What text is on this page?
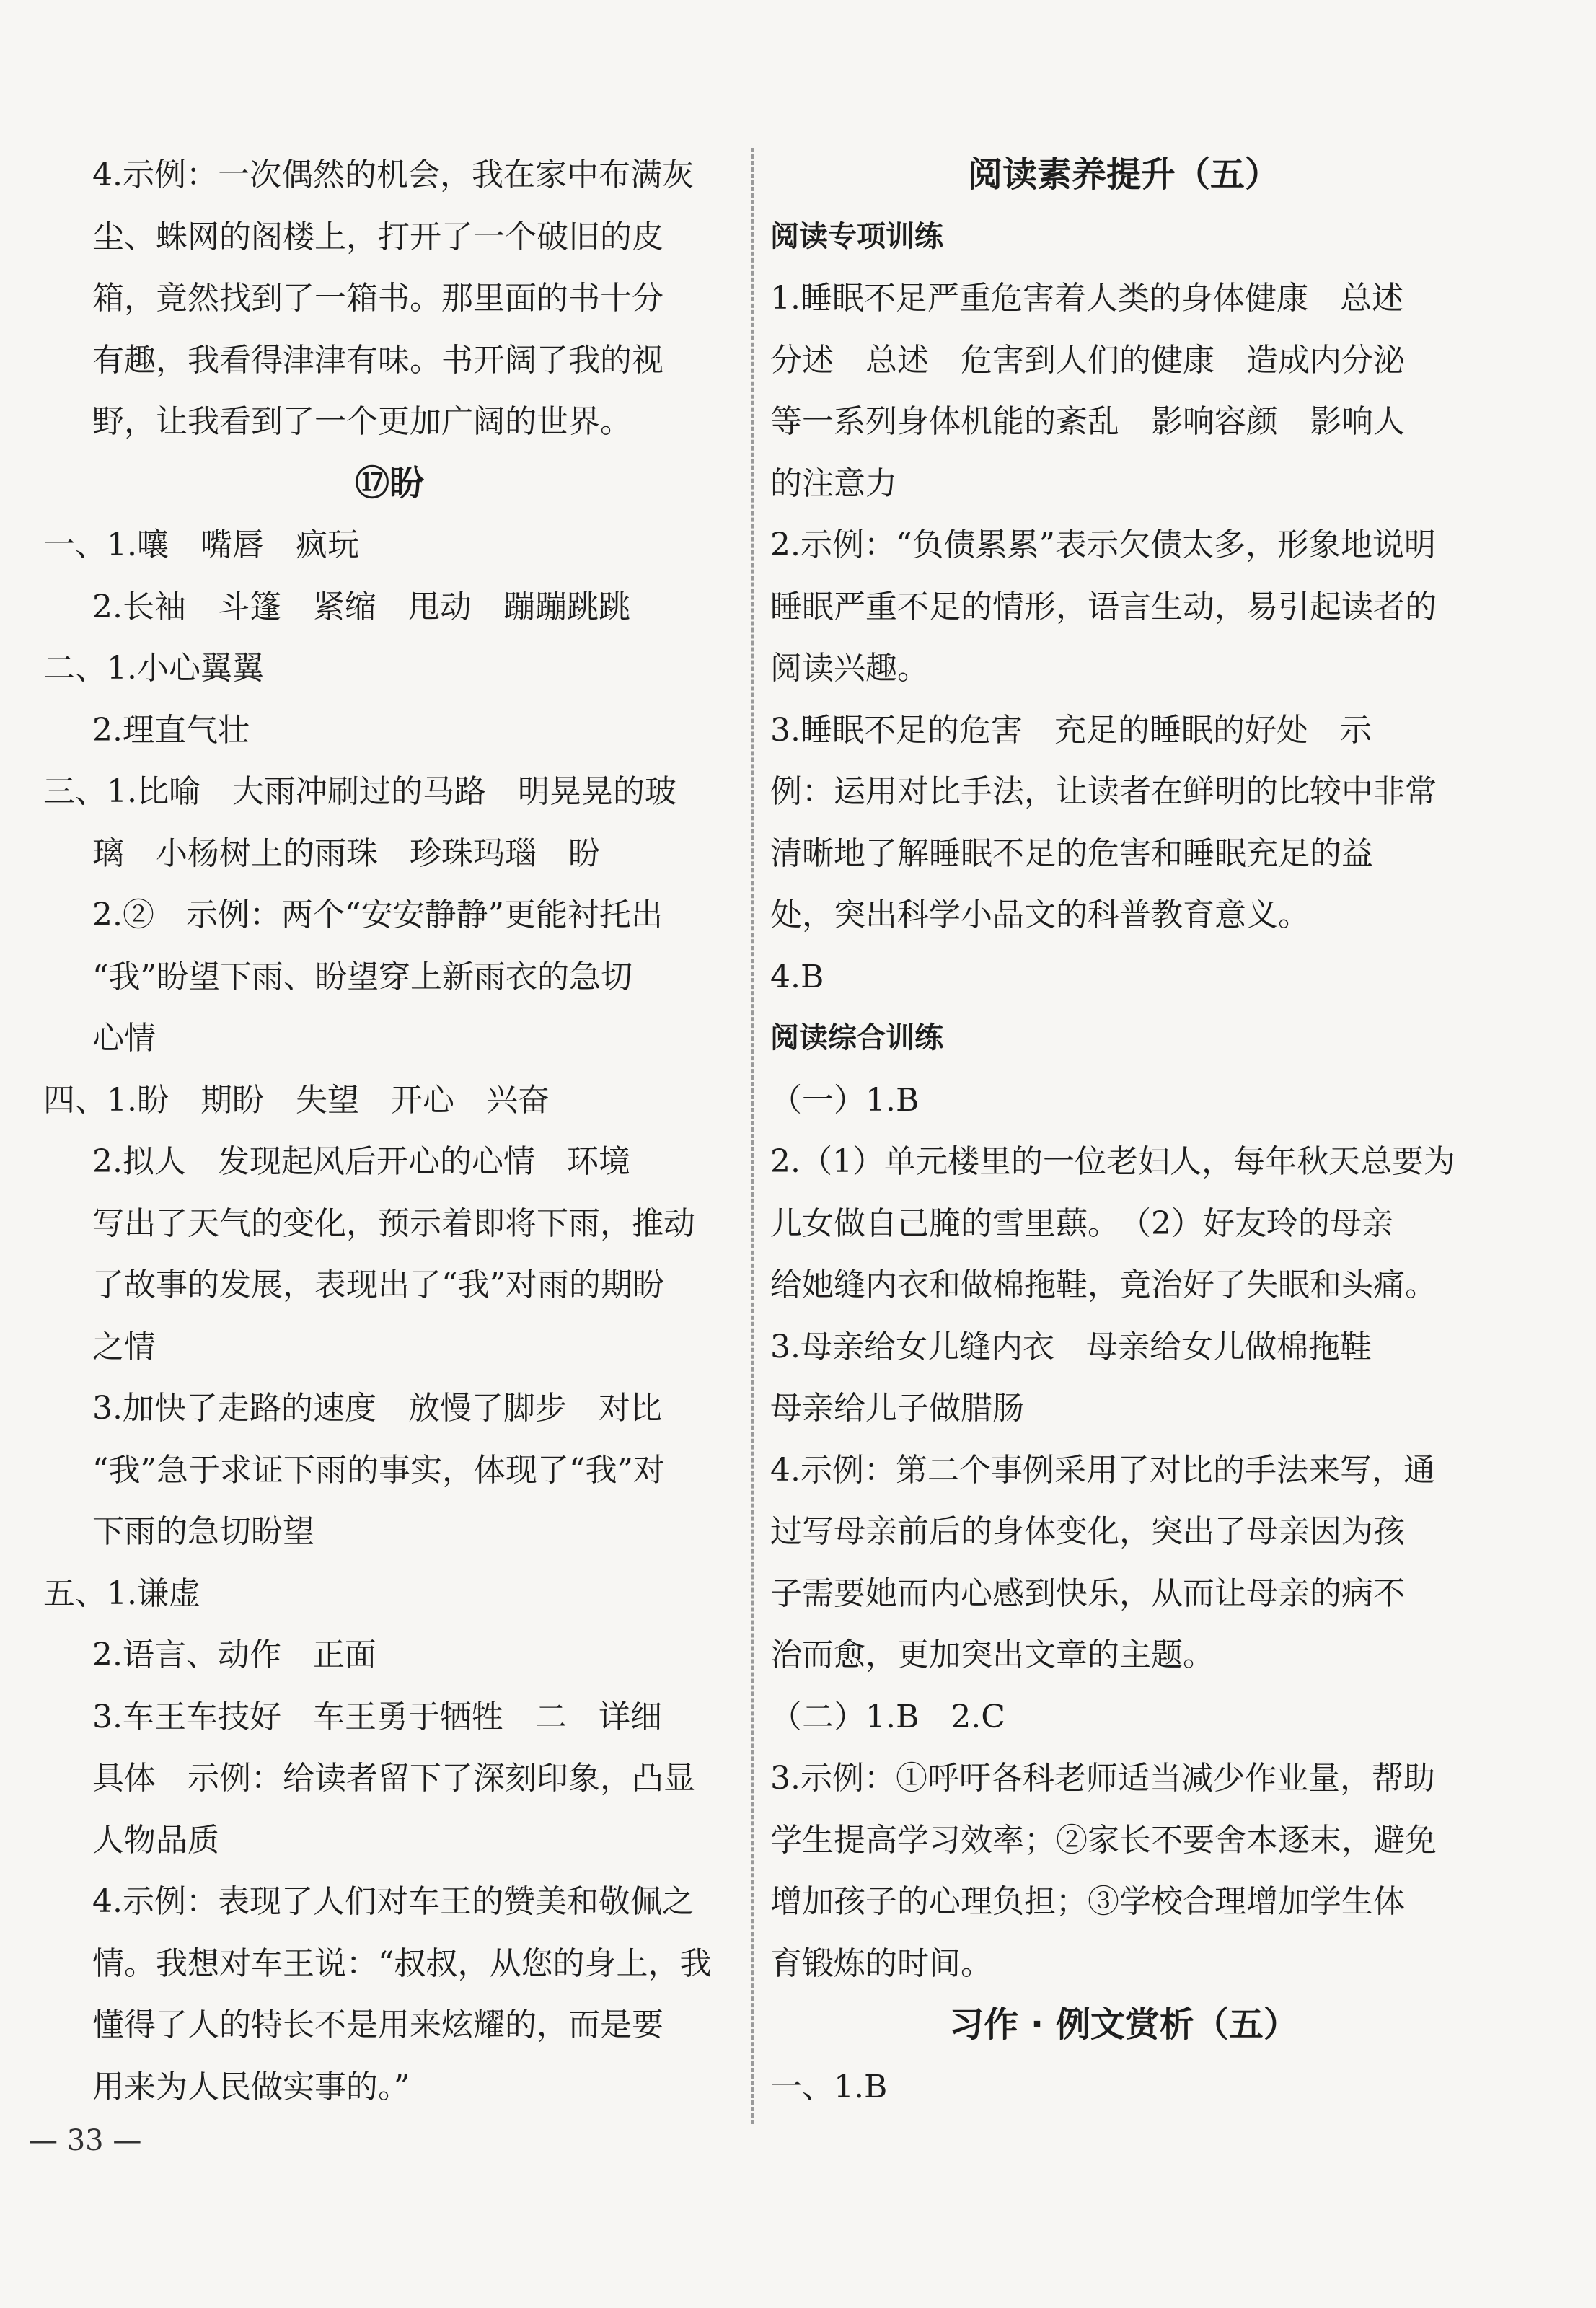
4.示例：一次偶然的机会，我在家中布满灰
尘、蛛网的阁楼上，打开了一个破旧的皮
箱，竟然找到了一箱书。那里面的书十分
有趣，我看得津津有味。书开阔了我的视
野，让我看到了一个更加广阔的世界。
⑰盼
一、1.嚷　嘴唇　疯玩
2.长袖　斗篷　紧缩　甩动　蹦蹦跳跳
二、1.小心翼翼
2.理直气壮
三、1.比喻　大雨冲刷过的马路　明晃晃的玻
璃　小杨树上的雨珠　珍珠玛瑙　盼
2.②　示例：两个“安安静静”更能衬托出
“我”盼望下雨、盼望穿上新雨衣的急切
心情
四、1.盼　期盼　失望　开心　兴奋
2.拟人　发现起风后开心的心情　环境
写出了天气的变化，预示着即将下雨，推动
了故事的发展，表现出了“我”对雨的期盼
之情
3.加快了走路的速度　放慢了脚步　对比
“我”急于求证下雨的事实，体现了“我”对
下雨的急切盼望
五、1.谦虚
2.语言、动作　正面
3.车王车技好　车王勇于牺牲　二　详细
具体　示例：给读者留下了深刻印象，凸显
人物品质
4.示例：表现了人们对车王的赞美和敬佩之
情。我想对车王说：“叔叔，从您的身上，我
懂得了人的特长不是用来炫耀的，而是要
用来为人民做实事的。”
阅读素养提升（五）
阅读专项训练
1.睡眠不足严重危害着人类的身体健康　总述
分述　总述　危害到人们的健康　造成内分泌
等一系列身体机能的紊乱　影响容颜　影响人
的注意力
2.示例：“负债累累”表示欠债太多，形象地说明
睡眠严重不足的情形，语言生动，易引起读者的
阅读兴趣。
3.睡眠不足的危害　充足的睡眠的好处　示
例：运用对比手法，让读者在鲜明的比较中非常
清晰地了解睡眠不足的危害和睡眠充足的益
处，突出科学小品文的科普教育意义。
4.B
阅读综合训练
（一）1.B
2.（1）单元楼里的一位老妇人，每年秋天总要为
儿女做自己腌的雪里蕻。　（2）好友玲的母亲
给她缝内衣和做棉拖鞋，竟治好了失眠和头痛。
3.母亲给女儿缝内衣　母亲给女儿做棉拖鞋
母亲给儿子做腊肠
4.示例：第二个事例采用了对比的手法来写，通
过写母亲前后的身体变化，突出了母亲因为孩
子需要她而内心感到快乐，从而让母亲的病不
治而愈，更加突出文章的主题。
（二）1.B　2.C
3.示例：①呼吁各科老师适当减少作业量，帮助
学生提高学习效率；②家长不要舍本逐末，避免
增加孩子的心理负担；③学校合理增加学生体
育锻炼的时间。
习作 · 例文赏析（五）
一、1.B
— 33 —
